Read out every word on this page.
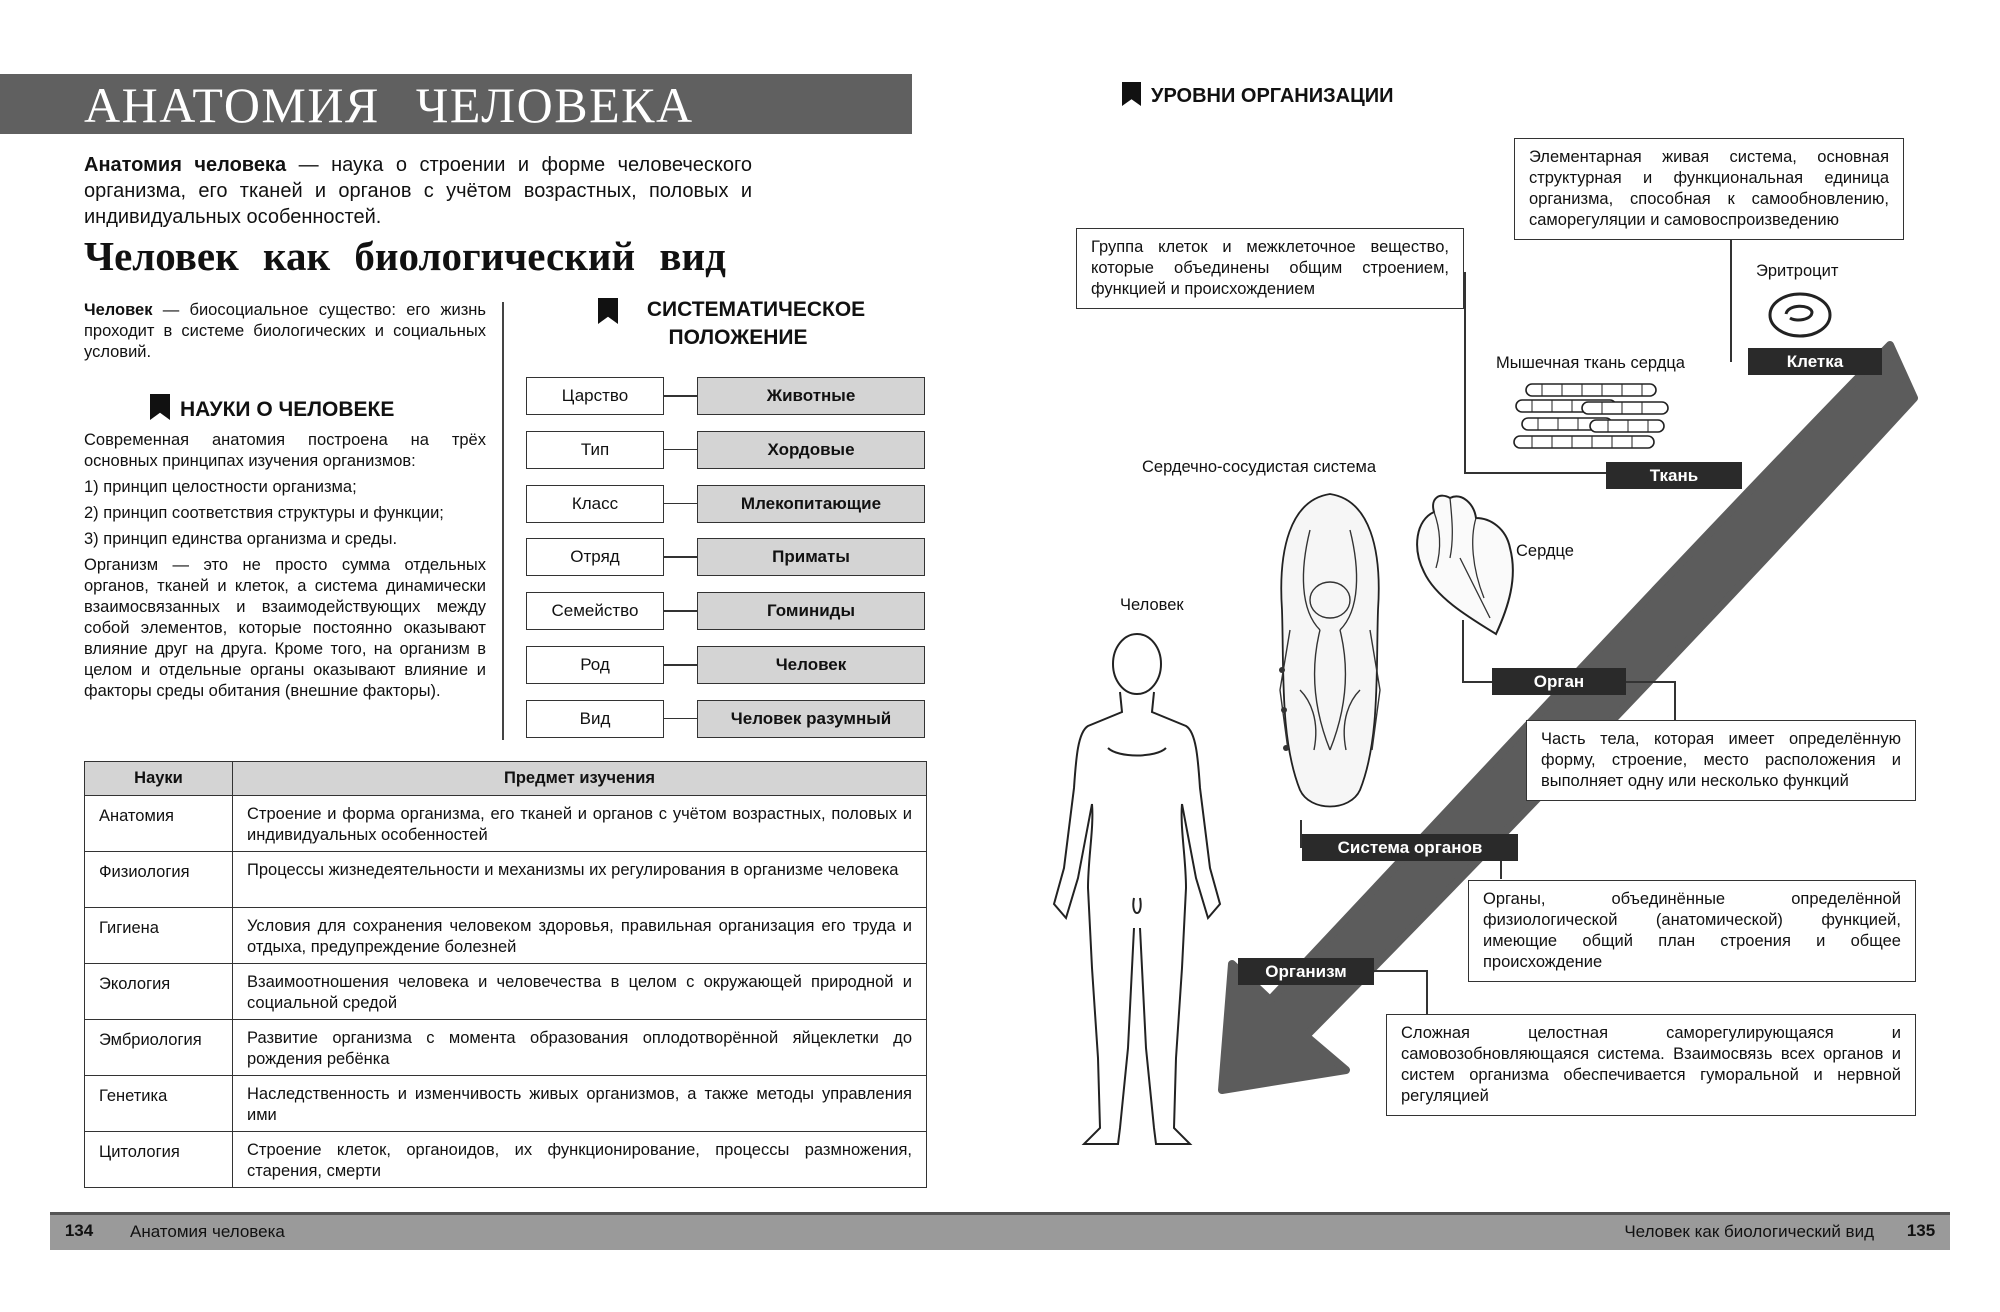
АНАТОМИЯ ЧЕЛОВЕКА
Анатомия человека — наука о строении и форме человеческого организма, его тканей и органов с учётом возрастных, половых и индивидуальных особенностей.
Человек как биологический вид
Человек — биосоциальное существо: его жизнь проходит в системе биологических и социальных условий.
НАУКИ О ЧЕЛОВЕКЕ

Современная анатомия построена на трёх основных принципах изучения организмов:

1) принцип целостности организма;

2) принцип соответствия структуры и функции;

3) принцип единства организма и среды.

Организм — это не просто сумма отдельных органов, тканей и клеток, а система динамически взаимосвязанных и взаимодействующих между собой элементов, которые постоянно оказывают влияние друг на друга. Кроме того, на организм в целом и отдельные органы оказывают влияние и факторы среды обитания (внешние факторы).

СИСТЕМАТИЧЕСКОЕ
ПОЛОЖЕНИЕ
Царство	Животные
Тип	Хордовые
Класс	Млекопитающие
Отряд	Приматы
Семейство	Гоминиды
Род	Человек
Вид	Человек разумный
Науки	Предмет изучения
Анатомия	Строение и форма организма, его тканей и органов с учётом возрастных, половых и индивидуальных особенностей
Физиология	Процессы жизнедеятельности и механизмы их регулирования в организме человека
Гигиена	Условия для сохранения человеком здоровья, правильная организация его труда и отдыха, предупреждение болезней
Экология	Взаимоотношения человека и человечества в целом с окружающей природной и социальной средой
Эмбриология	Развитие организма с момента образования оплодотворённой яйцеклетки до рождения ребёнка
Генетика	Наследственность и изменчивость живых организмов, а также методы управления ими
Цитология	Строение клеток, органоидов, их функционирование, процессы размножения, старения, смерти
УРОВНИ ОРГАНИЗАЦИИ
Элементарная живая система, основная структурная и функциональная единица организма, способная к самообновлению, саморегуляции и самовоспроизведению
Группа клеток и межклеточное вещество, которые объединены общим строением, функцией и происхождением
Часть тела, которая имеет определённую форму, строение, место расположения и выполняет одну или несколько функций
Органы, объединённые определённой физиологической (анатомической) функцией, имеющие общий план строения и общее происхождение
Сложная целостная саморегулирующаяся и самовозобновляющаяся система. Взаимосвязь всех органов и систем организма обеспечивается гуморальной и нервной регуляцией
Клетка
Ткань
Орган
Система органов
Организм
Эритроцит
Мышечная ткань сердца
Сердечно-сосудистая система
Сердце
Человек
134	Анатомия человека	Человек как биологический вид	135
